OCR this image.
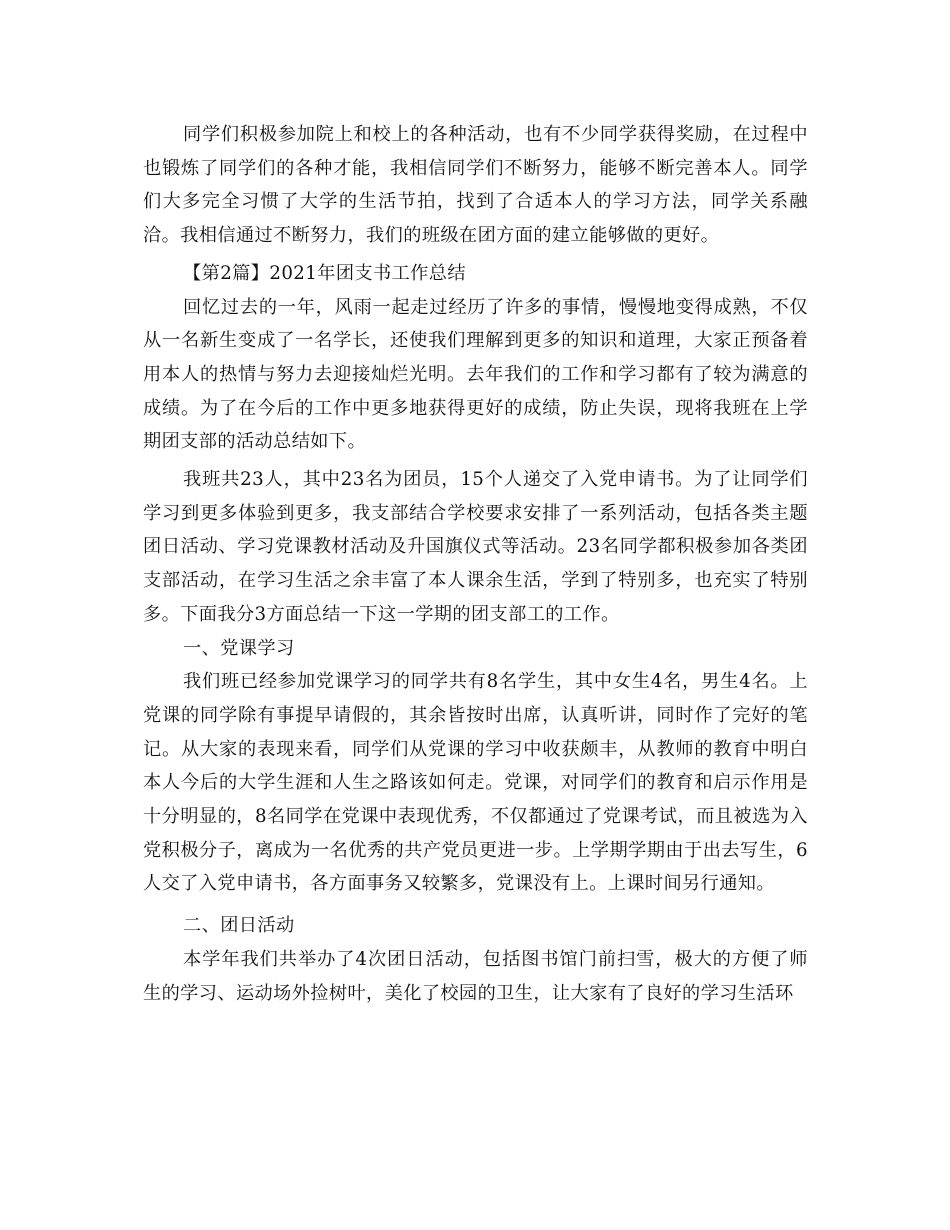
同学们积极参加院上和校上的各种活动，也有不少同学获得奖励，在过程中也锻炼了同学们的各种才能，我相信同学们不断努力，能够不断完善本人。同学们大多完全习惯了大学的生活节拍，找到了合适本人的学习方法，同学关系融洽。我相信通过不断努力，我们的班级在团方面的建立能够做的更好。

【第2篇】2021年团支书工作总结

回忆过去的一年，风雨一起走过经历了许多的事情，慢慢地变得成熟，不仅从一名新生变成了一名学长，还使我们理解到更多的知识和道理，大家正预备着用本人的热情与努力去迎接灿烂光明。去年我们的工作和学习都有了较为满意的成绩。为了在今后的工作中更多地获得更好的成绩，防止失误，现将我班在上学期团支部的活动总结如下。

我班共23人，其中23名为团员，15个人递交了入党申请书。为了让同学们学习到更多体验到更多，我支部结合学校要求安排了一系列活动，包括各类主题团日活动、学习党课教材活动及升国旗仪式等活动。23名同学都积极参加各类团支部活动，在学习生活之余丰富了本人课余生活，学到了特别多，也充实了特别多。下面我分3方面总结一下这一学期的团支部工的工作。

一、党课学习

我们班已经参加党课学习的同学共有8名学生，其中女生4名，男生4名。上党课的同学除有事提早请假的，其余皆按时出席，认真听讲，同时作了完好的笔记。从大家的表现来看，同学们从党课的学习中收获颇丰，从教师的教育中明白本人今后的大学生涯和人生之路该如何走。党课，对同学们的教育和启示作用是十分明显的，8名同学在党课中表现优秀，不仅都通过了党课考试，而且被选为入党积极分子，离成为一名优秀的共产党员更进一步。上学期学期由于出去写生，6人交了入党申请书，各方面事务又较繁多，党课没有上。上课时间另行通知。

二、团日活动

本学年我们共举办了4次团日活动，包括图书馆门前扫雪，极大的方便了师生的学习、运动场外捡树叶，美化了校园的卫生，让大家有了良好的学习生活环
